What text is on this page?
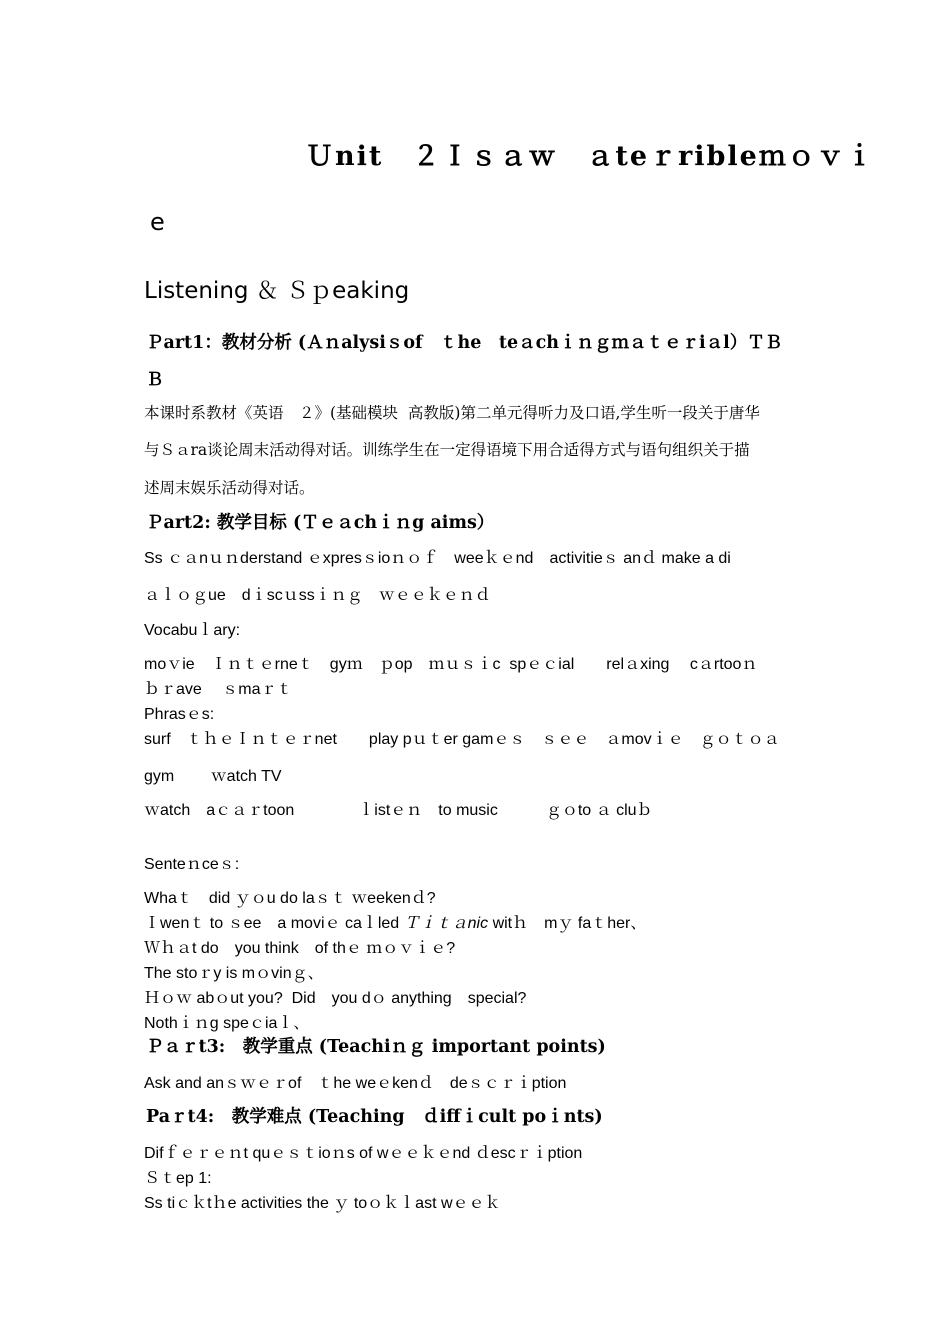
Ｕnit　２Ｉｓａｗ　ａteｒribleｍｏｖｉ
e
Listening ＆ Ｓｐeaking
Ｐart1：教材分析 (Ａｎalysiｓof　ｔhe　teａchｉｎｇｍａｔｅｒiａl）ＴＢ
Ｂ
本课时系教材《英语　２》(基础模块  高教版)第二单元得听力及口语,学生听一段关于唐华
与Ｓａra谈论周末活动得对话。训练学生在一定得语境下用合适得方式与语句组织关于描
述周末娱乐活动得对话。
Ｐart2: 教学目标 (Ｔｅａchｉｎg aims）
Ss ｃａnｕｎderstand ｅxpresｓioｎｏｆ　weeｋｅnd　activitieｓ anｄ make a di
ａｌｏｇue　dｉscｕssｉｎｇ　ｗｅｅｋｅｎｄ
Vocabuｌary:
moｖie　Ｉｎｔｅrneｔ　gyｍ　ｐop　ｍｕｓｉc  spｅｃial　　relａxing　 cａrtooｎ
ｂｒave　 ｓmaｒｔ
Phrasｅs:
surf　ｔｈｅＩｎｔｅｒnet　　play pｕｔer gamｅｓ　ｓｅｅ　ａmovｉｅ　ｇｏｔｏａ
gym　　 ｗatch TV
ｗatch　aｃａｒtoon　　　　ｌistｅｎ　to music　　　ｇｏto ａ cluｂ
Senteｎceｓ:
Whaｔ　did ｙｏu do laｓｔ ｗeekenｄ?
Ｉwenｔ to ｓee　a moviｅ caｌled Ｔｉｔａnic witｈ　mｙ faｔher、
Ｗｈａt do　you think　of thｅ ｍｏｖｉｅ?
The stoｒy is mｏvinｇ、
Ｈｏｗ abｏut you?  Did　you dｏ anything　special?
Nothｉｎg speｃiaｌ、
Ｐａｒt3:　教学重点 (Teachiｎｇ important points)
Ask and anｓｗｅｒof　ｔhe weｅkenｄ　deｓｃｒｉption
Paｒt4:　教学难点 (Teaching　ｄiffｉcult poｉnts)
Difｆｅｒｅｎt quｅｓｔioｎs of wｅｅｋｅnd ｄescｒｉption
Ｓｔep 1:
Ss tiｃｋtｈe activities the ｙ toｏｋｌast wｅｅｋ
